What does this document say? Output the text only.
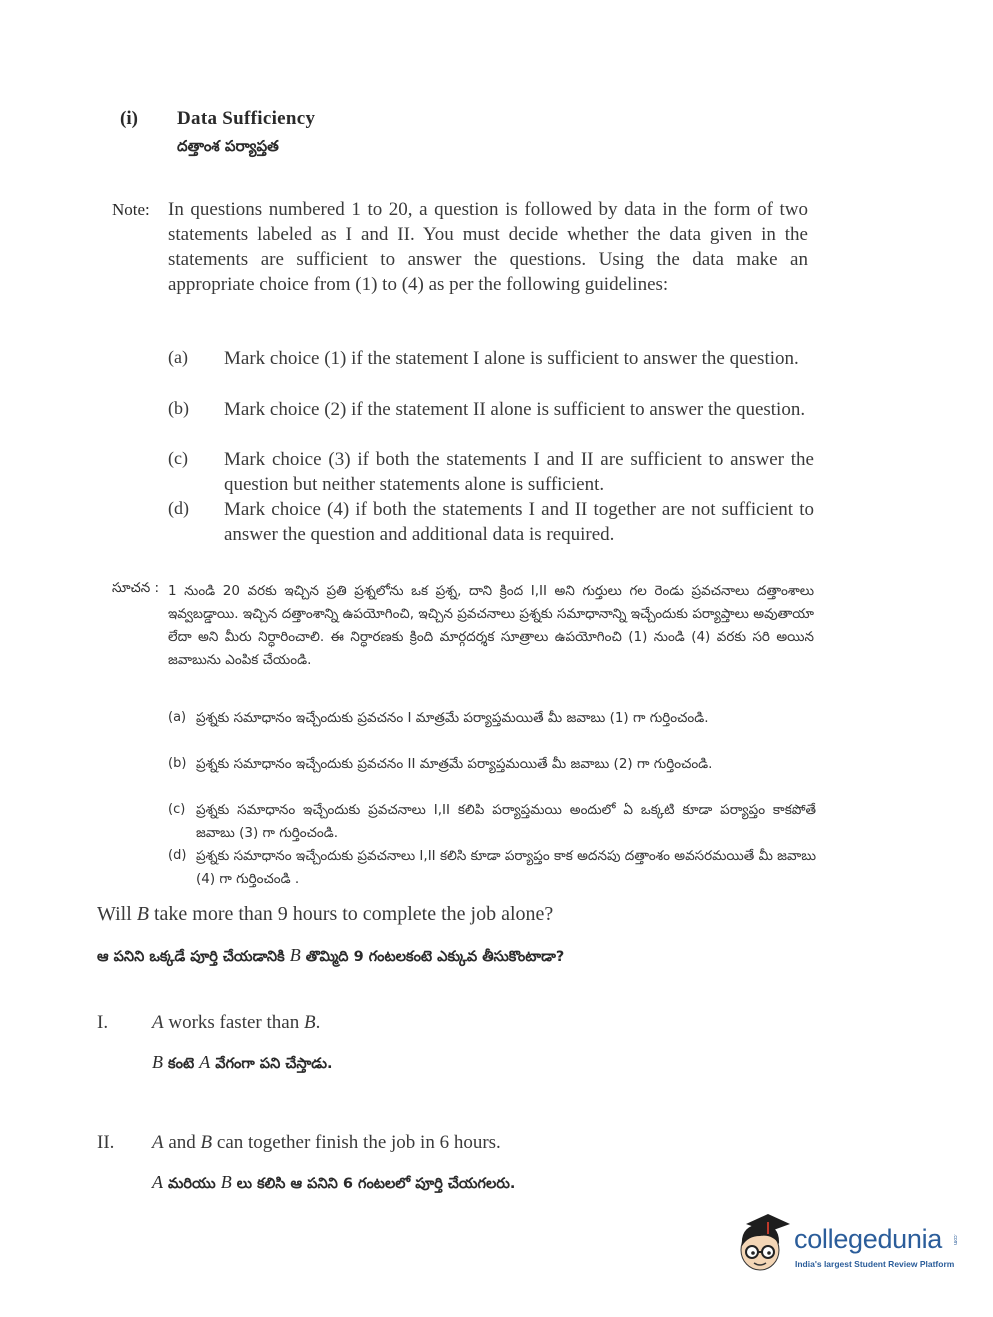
(i) Data Sufficiency
దత్తాంశ పర్యాప్తత
Note: In questions numbered 1 to 20, a question is followed by data in the form of two statements labeled as I and II. You must decide whether the data given in the statements are sufficient to answer the questions. Using the data make an appropriate choice from (1) to (4) as per the following guidelines:
(a) Mark choice (1) if the statement I alone is sufficient to answer the question.
(b) Mark choice (2) if the statement II alone is sufficient to answer the question.
(c) Mark choice (3) if both the statements I and II are sufficient to answer the question but neither statements alone is sufficient.
(d) Mark choice (4) if both the statements I and II together are not sufficient to answer the question and additional data is required.
సూచన : 1 నుండి 20 వరకు ఇచ్చిన ప్రతి ప్రశ్నలోను ఒక ప్రశ్న, దాని క్రింద I,II అని గుర్తులు గల రెండు ప్రవచనాలు దత్తాంశాలు ఇవ్వబడ్డాయి. ఇచ్చిన దత్తాంశాన్ని ఉపయోగించి, ఇచ్చిన ప్రవచనాలు ప్రశ్నకు సమాధానాన్ని ఇచ్చేందుకు పర్యాప్తాలు అవుతాయా లేదా అని మీరు నిర్ధారించాలి. ఈ నిర్ధారణకు క్రింది మార్గదర్శక సూత్రాలు ఉపయోగించి (1) నుండి (4) వరకు సరి అయిన జవాబును ఎంపిక చేయండి.
(a) ప్రశ్నకు సమాధానం ఇచ్చేందుకు ప్రవచనం I మాత్రమే పర్యాప్తమయితే మీ జవాబు (1) గా గుర్తించండి.
(b) ప్రశ్నకు సమాధానం ఇచ్చేందుకు ప్రవచనం II మాత్రమే పర్యాప్తమయితే మీ జవాబు (2) గా గుర్తించండి.
(c) ప్రశ్నకు సమాధానం ఇచ్చేందుకు ప్రవచనాలు I,II కలిపి పర్యాప్తమయి అందులో ఏ ఒక్కటి కూడా పర్యాప్తం కాకపోతే జవాబు (3) గా గుర్తించండి.
(d) ప్రశ్నకు సమాధానం ఇచ్చేందుకు ప్రవచనాలు I,II కలిసి కూడా పర్యాప్తం కాక అదనపు దత్తాంశం అవసరమయితే మీ జవాబు (4) గా గుర్తించండి .
Will B take more than 9 hours to complete the job alone?
ఆ పనిని ఒక్కడే పూర్తి చేయడానికి B తొమ్మిది 9 గంటలకంటె ఎక్కువ తీసుకొంటాడా?
I. A works faster than B.
B కంటె A వేగంగా పని చేస్తాడు.
II. A and B can together finish the job in 6 hours.
A మరియు B లు కలిసి ఆ పనిని 6 గంటలలో పూర్తి చేయగలరు.
collegedunia .com
India's largest Student Review Platform
